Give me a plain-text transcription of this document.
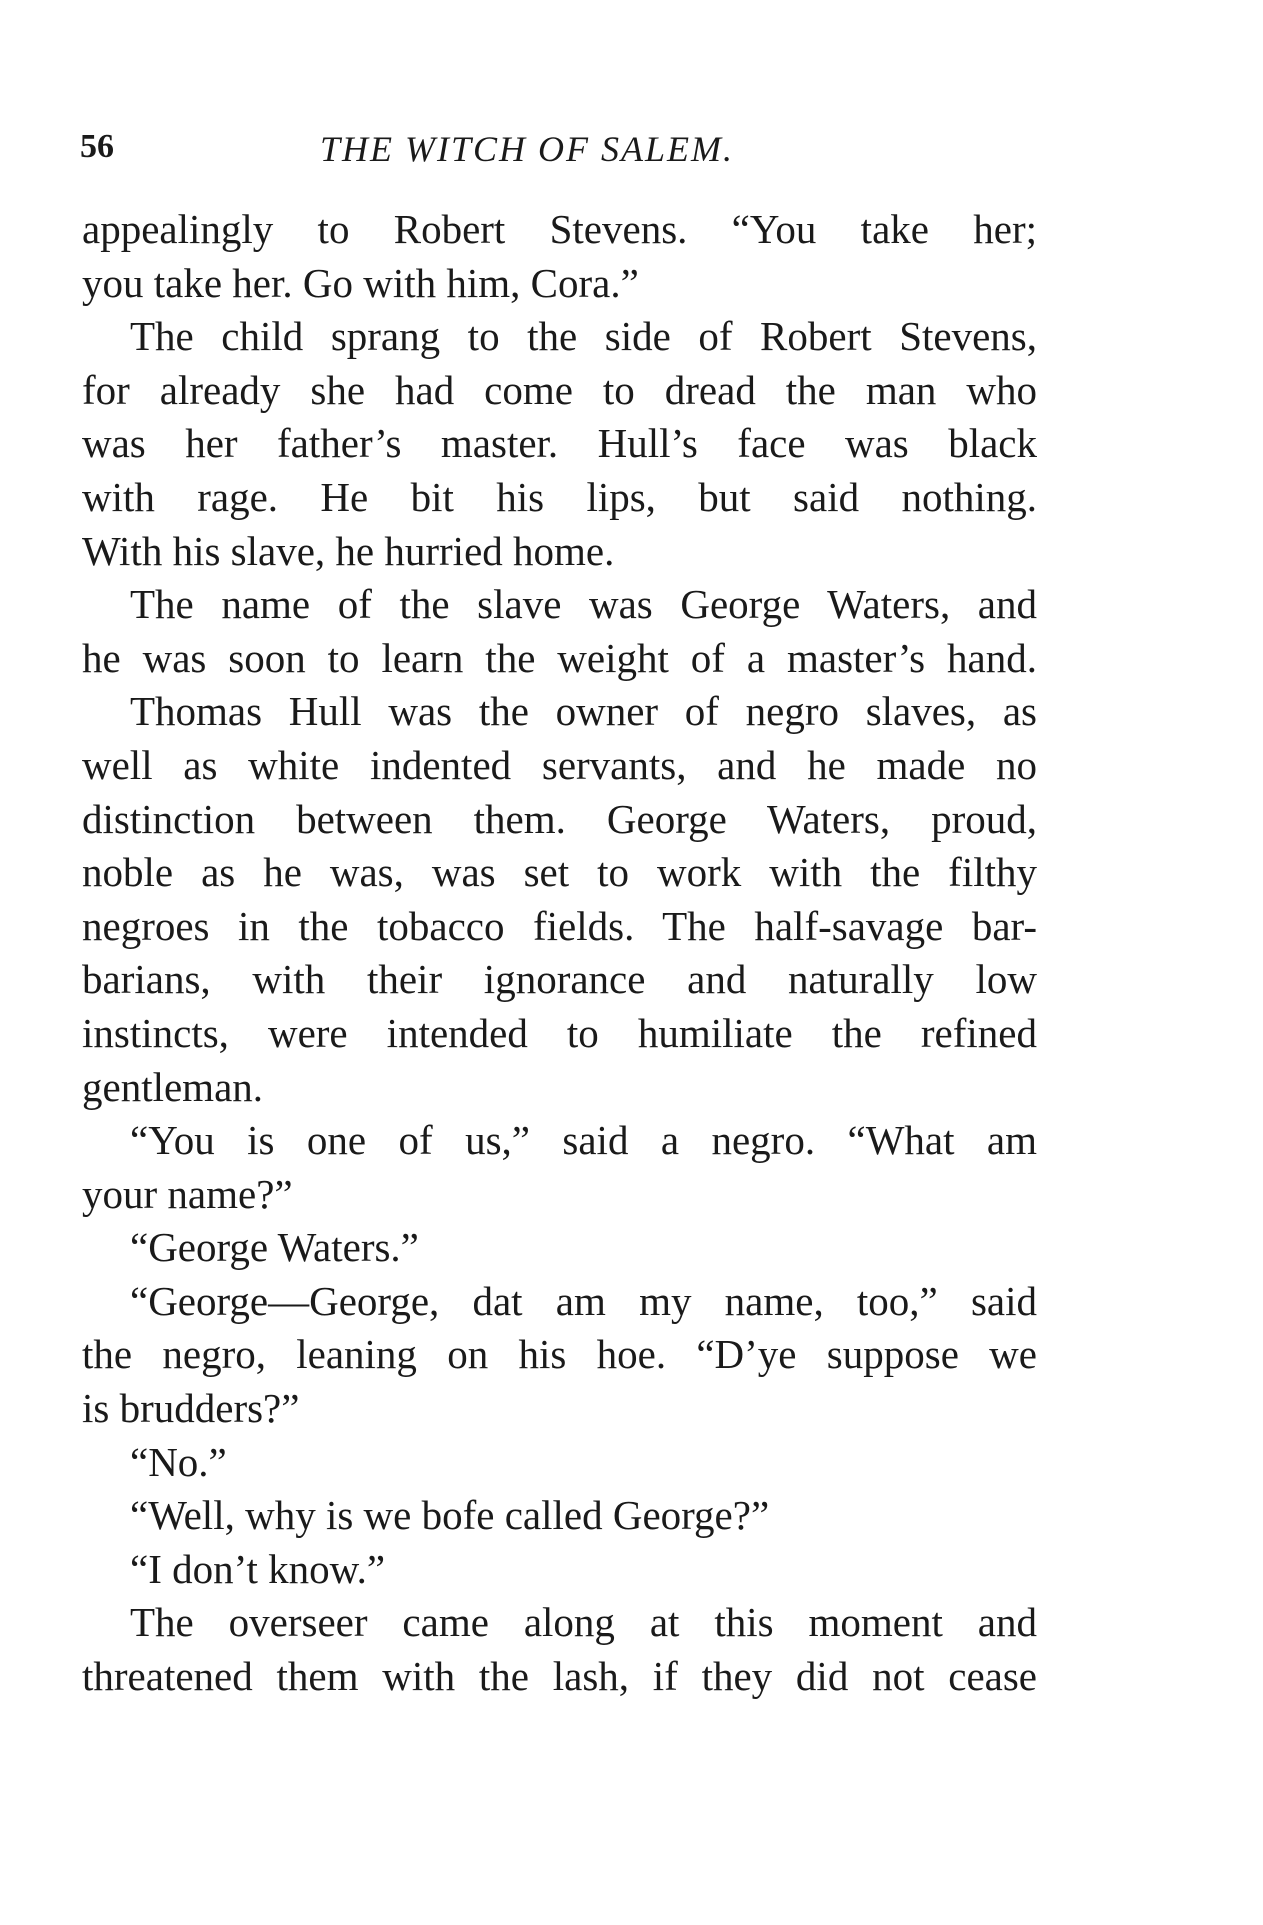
56	THE WITCH OF SALEM.
appealingly to Robert Stevens. “You take her;
you take her. Go with him, Cora.”
The child sprang to the side of Robert Stevens,
for already she had come to dread the man who
was her father’s master. Hull’s face was black
with rage. He bit his lips, but said nothing.
With his slave, he hurried home.
The name of the slave was George Waters, and
he was soon to learn the weight of a master’s hand.
Thomas Hull was the owner of negro slaves, as
well as white indented servants, and he made no
distinction between them. George Waters, proud,
noble as he was, was set to work with the filthy
negroes in the tobacco fields. The half-savage bar-
barians, with their ignorance and naturally low
instincts, were intended to humiliate the refined
gentleman.
“You is one of us,” said a negro. “What am
your name?”
“George Waters.”
“George—George, dat am my name, too,” said
the negro, leaning on his hoe. “D’ye suppose we
is brudders?”
“No.”
“Well, why is we bofe called George?”
“I don’t know.”
The overseer came along at this moment and
threatened them with the lash, if they did not cease
